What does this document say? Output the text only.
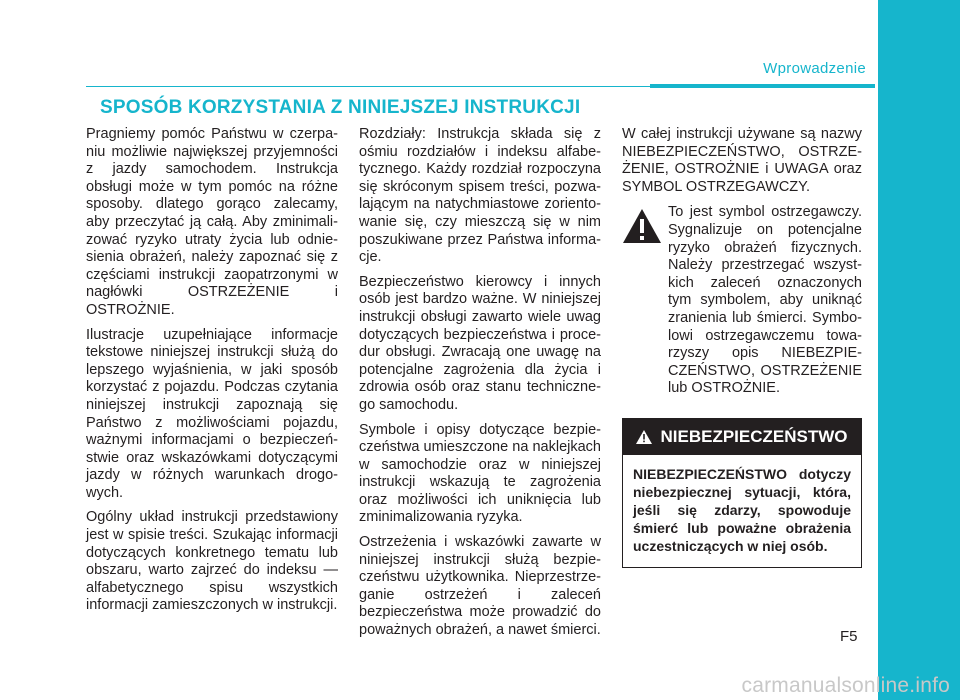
Wprowadzenie
SPOSÓB KORZYSTANIA Z NINIEJSZEJ INSTRUKCJI

Pragniemy pomóc Państwu w czerpaniu możliwie największej przyjemności z jazdy samochodem. Instrukcja obsługi może w tym pomóc na różne sposoby. dlatego gorąco zalecamy, aby przeczytać ją całą. Aby zminimalizować ryzyko utraty życia lub odniesienia obrażeń, należy zapoznać się z częściami instrukcji zaopatrzonymi w nagłówki OSTRZEŻENIE i OSTROŻNIE.

Ilustracje uzupełniające informacje tekstowe niniejszej instrukcji służą do lepszego wyjaśnienia, w jaki sposób korzystać z pojazdu. Podczas czytania niniejszej instrukcji zapoznają się Państwo z możliwościami pojazdu, ważnymi informacjami o bezpieczeństwie oraz wskazówkami dotyczącymi jazdy w różnych warunkach drogowych.

Ogólny układ instrukcji przedstawiony jest w spisie treści. Szukając informacji dotyczących konkretnego tematu lub obszaru, warto zajrzeć do indeksu —alfabetycznego spisu wszystkich informacji zamieszczonych w instrukcji.

Rozdziały: Instrukcja składa się z ośmiu rozdziałów i indeksu alfabetycznego. Każdy rozdział rozpoczyna się skróconym spisem treści, pozwalającym na natychmiastowe zorientowanie się, czy mieszczą się w nim poszukiwane przez Państwa informacje.

Bezpieczeństwo kierowcy i innych osób jest bardzo ważne. W niniejszej instrukcji obsługi zawarto wiele uwag dotyczących bezpieczeństwa i procedur obsługi. Zwracają one uwagę na potencjalne zagrożenia dla życia i zdrowia osób oraz stanu technicznego samochodu.

Symbole i opisy dotyczące bezpieczeństwa umieszczone na naklejkach w samochodzie oraz w niniejszej instrukcji wskazują te zagrożenia oraz możliwości ich uniknięcia lub zminimalizowania ryzyka.

Ostrzeżenia i wskazówki zawarte w niniejszej instrukcji służą bezpieczeństwu użytkownika. Nieprzestrzeganie ostrzeżeń i zaleceń bezpieczeństwa może prowadzić do poważnych obrażeń, a nawet śmierci.

W całej instrukcji używane są nazwy NIEBEZPIECZEŃSTWO, OSTRZEŻENIE, OSTROŻNIE i UWAGA oraz SYMBOL OSTRZEGAWCZY.

To jest symbol ostrzegawczy. Sygnalizuje on potencjalne ryzyko obrażeń fizycznych. Należy przestrzegać wszystkich zaleceń oznaczonych tym symbolem, aby uniknąć zranienia lub śmierci. Symbolowi ostrzegawczemu towarzyszy opis NIEBEZPIECZEŃSTWO, OSTRZEŻENIE lub OSTROŻNIE.
NIEBEZPIECZEŃSTWO
NIEBEZPIECZEŃSTWO dotyczy niebezpiecznej sytuacji, która, jeśli się zdarzy, spowoduje śmierć lub poważne obrażenia uczestniczących w niej osób.
F5
carmanualsonline.info
